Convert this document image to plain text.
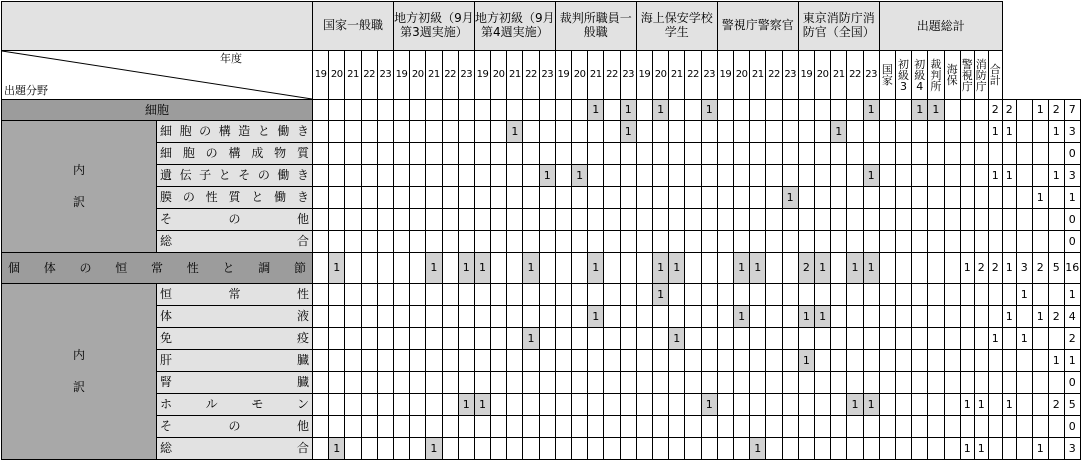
		国家一般職					地方初級（9月第3週実施）					地方初級（9月第4週実施）					裁判所職員一般職					海上保安学校学生					警視庁警察官					東京消防庁消防官（全国）					出題総計												

年度
出題分野		19	20	21	22	23	19	20	21	22	23	19	20	21	22	23	19	20	21	22	23	19	20	21	22	23	19	20	21	22	23	19	20	21	22	23	国家	初級3	初級4	裁判所	海保	警視庁	消防庁	合計					

細胞																			1		1		1			1										1			1	1				2	2		1	2	7

内
訳	細胞の構造と働き													1							1													1										1	1			1	3
	細胞の構成物質																																																0
	遺伝子とその働き															1		1																		1								1	1			1	3
	膜の性質と働き																														1																1		1
	その他																																																0
	総合																																																0

個体の恒常性と調節			1						1		1	1			1				1				1	1				1	1			2	1		1	1						1	2	2	1	3	2	5	16

内
訳	恒常性																						1																							1			1
	体液																		1									1				1	1												1		1	2	4
	免疫														1									1																				1		1			2
	肝臓																															1																1	1
	腎臓																																																0
	ホルモン										1	1														1									1	1						1	1		1			2	5
	その他																																																0
	総合		1						1																				1													1	1				1		3
